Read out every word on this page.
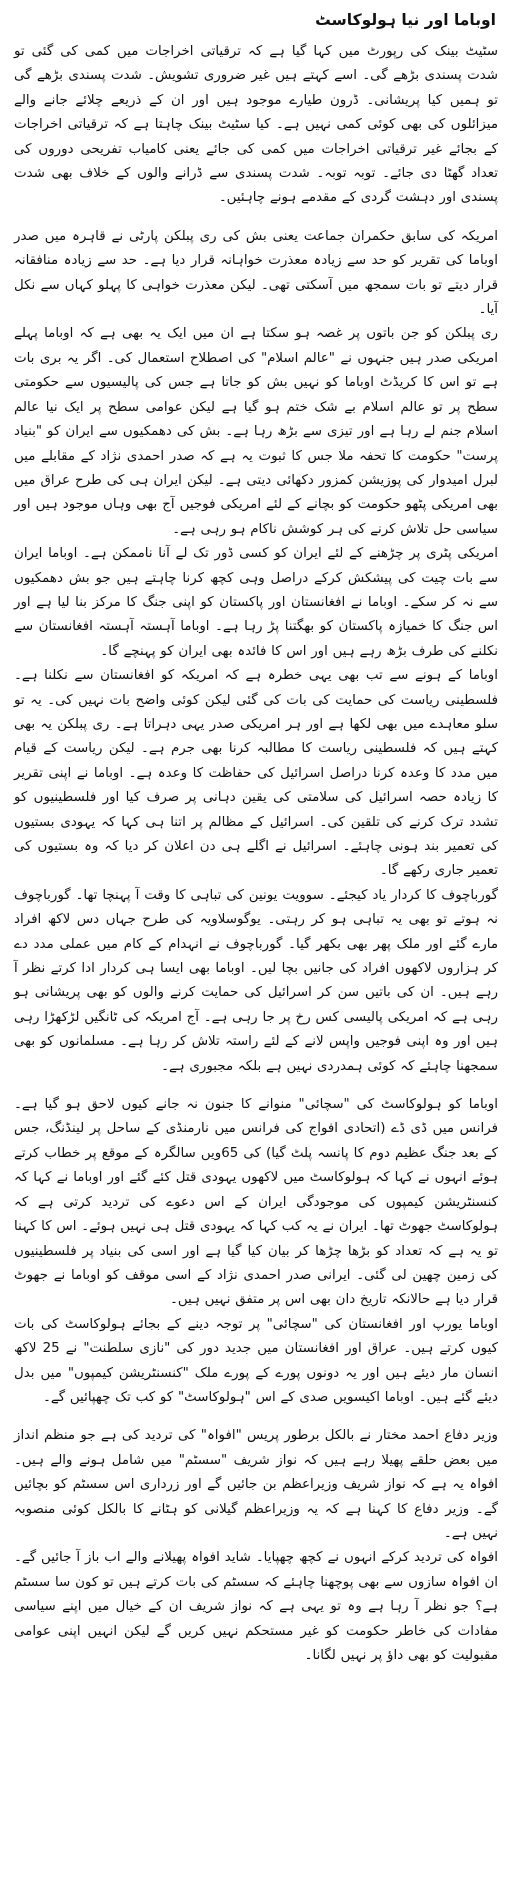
اوباما اور نیا ہولوکاسٹ

سٹیٹ بینک کی رپورٹ میں کہا گیا ہے کہ ترقیاتی اخراجات میں کمی کی گئی تو شدت پسندی بڑھے گی۔ اسے کہتے ہیں غیر ضروری تشویش۔ شدت پسندی بڑھے گی تو ہمیں کیا پریشانی۔ ڈرون طیارے موجود ہیں اور ان کے ذریعے چلائے جانے والے میزائلوں کی بھی کوئی کمی نہیں ہے۔ کیا سٹیٹ بینک چاہتا ہے کہ ترقیاتی اخراجات کے بجائے غیر ترقیاتی اخراجات میں کمی کی جائے یعنی کامیاب تفریحی دوروں کی تعداد گھٹا دی جائے۔ توبہ توبہ۔ شدت پسندی سے ڈرانے والوں کے خلاف بھی شدت پسندی اور دہشت گردی کے مقدمے ہونے چاہئیں۔

امریکہ کی سابق حکمران جماعت یعنی بش کی ری پبلکن پارٹی نے قاہرہ میں صدر اوباما کی تقریر کو حد سے زیادہ معذرت خواہانہ قرار دیا ہے۔ حد سے زیادہ منافقانہ قرار دیتے تو بات سمجھ میں آسکتی تھی۔ لیکن معذرت خواہی کا پہلو کہاں سے نکل آیا۔

ری پبلکن کو جن باتوں پر غصہ ہو سکتا ہے ان میں ایک یہ بھی ہے کہ اوباما پہلے امریکی صدر ہیں جنہوں نے "عالم اسلام" کی اصطلاح استعمال کی۔ اگر یہ بری بات ہے تو اس کا کریڈٹ اوباما کو نہیں بش کو جاتا ہے جس کی پالیسیوں سے حکومتی سطح پر تو عالم اسلام بے شک ختم ہو گیا ہے لیکن عوامی سطح پر ایک نیا عالم اسلام جنم لے رہا ہے اور تیزی سے بڑھ رہا ہے۔ بش کی دھمکیوں سے ایران کو "بنیاد پرست" حکومت کا تحفہ ملا جس کا ثبوت یہ ہے کہ صدر احمدی نژاد کے مقابلے میں لبرل امیدوار کی پوزیشن کمزور دکھائی دیتی ہے۔ لیکن ایران ہی کی طرح عراق میں بھی امریکی پٹھو حکومت کو بچانے کے لئے امریکی فوجیں آج بھی وہاں موجود ہیں اور سیاسی حل تلاش کرنے کی ہر کوشش ناکام ہو رہی ہے۔

امریکی پٹری پر چڑھنے کے لئے ایران کو کسی ڈور تک لے آنا ناممکن ہے۔ اوباما ایران سے بات چیت کی پیشکش کرکے دراصل وہی کچھ کرنا چاہتے ہیں جو بش دھمکیوں سے نہ کر سکے۔ اوباما نے افغانستان اور پاکستان کو اپنی جنگ کا مرکز بنا لیا ہے اور اس جنگ کا خمیازہ پاکستان کو بھگتنا پڑ رہا ہے۔ اوباما آہستہ آہستہ افغانستان سے نکلنے کی طرف بڑھ رہے ہیں اور اس کا فائدہ بھی ایران کو پہنچے گا۔

اوباما کے ہونے سے تب بھی یہی خطرہ ہے کہ امریکہ کو افغانستان سے نکلنا ہے۔ فلسطینی ریاست کی حمایت کی بات کی گئی لیکن کوئی واضح بات نہیں کی۔ یہ تو سلو معاہدے میں بھی لکھا ہے اور ہر امریکی صدر یہی دہراتا ہے۔ ری پبلکن یہ بھی کہتے ہیں کہ فلسطینی ریاست کا مطالبہ کرنا بھی جرم ہے۔ لیکن ریاست کے قیام میں مدد کا وعدہ کرنا دراصل اسرائیل کی حفاظت کا وعدہ ہے۔ اوباما نے اپنی تقریر کا زیادہ حصہ اسرائیل کی سلامتی کی یقین دہانی پر صرف کیا اور فلسطینیوں کو تشدد ترک کرنے کی تلقین کی۔ اسرائیل کے مظالم پر اتنا ہی کہا کہ یہودی بستیوں کی تعمیر بند ہونی چاہئے۔ اسرائیل نے اگلے ہی دن اعلان کر دیا کہ وہ بستیوں کی تعمیر جاری رکھے گا۔

گورباچوف کا کردار یاد کیجئے۔ سوویت یونین کی تباہی کا وقت آ پہنچا تھا۔ گورباچوف نہ ہوتے تو بھی یہ تباہی ہو کر رہتی۔ یوگوسلاویہ کی طرح جہاں دس لاکھ افراد مارے گئے اور ملک پھر بھی بکھر گیا۔ گورباچوف نے انہدام کے کام میں عملی مدد دے کر ہزاروں لاکھوں افراد کی جانیں بچا لیں۔ اوباما بھی ایسا ہی کردار ادا کرتے نظر آ رہے ہیں۔ ان کی باتیں سن کر اسرائیل کی حمایت کرنے والوں کو بھی پریشانی ہو رہی ہے کہ امریکی پالیسی کس رخ پر جا رہی ہے۔ آج امریکہ کی ٹانگیں لڑکھڑا رہی ہیں اور وہ اپنی فوجیں واپس لانے کے لئے راستہ تلاش کر رہا ہے۔ مسلمانوں کو بھی سمجھنا چاہئے کہ کوئی ہمدردی نہیں ہے بلکہ مجبوری ہے۔

اوباما کو ہولوکاسٹ کی "سچائی" منوانے کا جنون نہ جانے کیوں لاحق ہو گیا ہے۔ فرانس میں ڈی ڈے (اتحادی افواج کی فرانس میں نارمنڈی کے ساحل پر لینڈنگ، جس کے بعد جنگ عظیم دوم کا پانسہ پلٹ گیا) کی 65ویں سالگرہ کے موقع پر خطاب کرتے ہوئے انہوں نے کہا کہ ہولوکاسٹ میں لاکھوں یہودی قتل کئے گئے اور اوباما نے کہا کہ کنسنٹریشن کیمپوں کی موجودگی ایران کے اس دعوے کی تردید کرتی ہے کہ ہولوکاسٹ جھوٹ تھا۔ ایران نے یہ کب کہا کہ یہودی قتل ہی نہیں ہوئے۔ اس کا کہنا تو یہ ہے کہ تعداد کو بڑھا چڑھا کر بیان کیا گیا ہے اور اسی کی بنیاد پر فلسطینیوں کی زمین چھین لی گئی۔ ایرانی صدر احمدی نژاد کے اسی موقف کو اوباما نے جھوٹ قرار دیا ہے حالانکہ تاریخ دان بھی اس پر متفق نہیں ہیں۔

اوباما یورپ اور افغانستان کی "سچائی" پر توجہ دینے کے بجائے ہولوکاسٹ کی بات کیوں کرتے ہیں۔ عراق اور افغانستان میں جدید دور کی "نازی سلطنت" نے 25 لاکھ انسان مار دیئے ہیں اور یہ دونوں پورے کے پورے ملک "کنسنٹریشن کیمپوں" میں بدل دیئے گئے ہیں۔ اوباما اکیسویں صدی کے اس "ہولوکاسٹ" کو کب تک چھپائیں گے۔

وزیر دفاع احمد مختار نے بالکل برطور پریس "افواہ" کی تردید کی ہے جو منظم انداز میں بعض حلقے پھیلا رہے ہیں کہ نواز شریف "سسٹم" میں شامل ہونے والے ہیں۔ افواہ یہ ہے کہ نواز شریف وزیراعظم بن جائیں گے اور زرداری اس سسٹم کو بچائیں گے۔ وزیر دفاع کا کہنا ہے کہ یہ وزیراعظم گیلانی کو ہٹانے کا بالکل کوئی منصوبہ نہیں ہے۔

افواہ کی تردید کرکے انہوں نے کچھ چھپایا۔ شاید افواہ پھیلانے والے اب باز آ جائیں گے۔ ان افواہ سازوں سے بھی پوچھنا چاہئے کہ سسٹم کی بات کرتے ہیں تو کون سا سسٹم ہے؟ جو نظر آ رہا ہے وہ تو یہی ہے کہ نواز شریف ان کے خیال میں اپنے سیاسی مفادات کی خاطر حکومت کو غیر مستحکم نہیں کریں گے لیکن انہیں اپنی عوامی مقبولیت کو بھی داؤ پر نہیں لگانا۔
